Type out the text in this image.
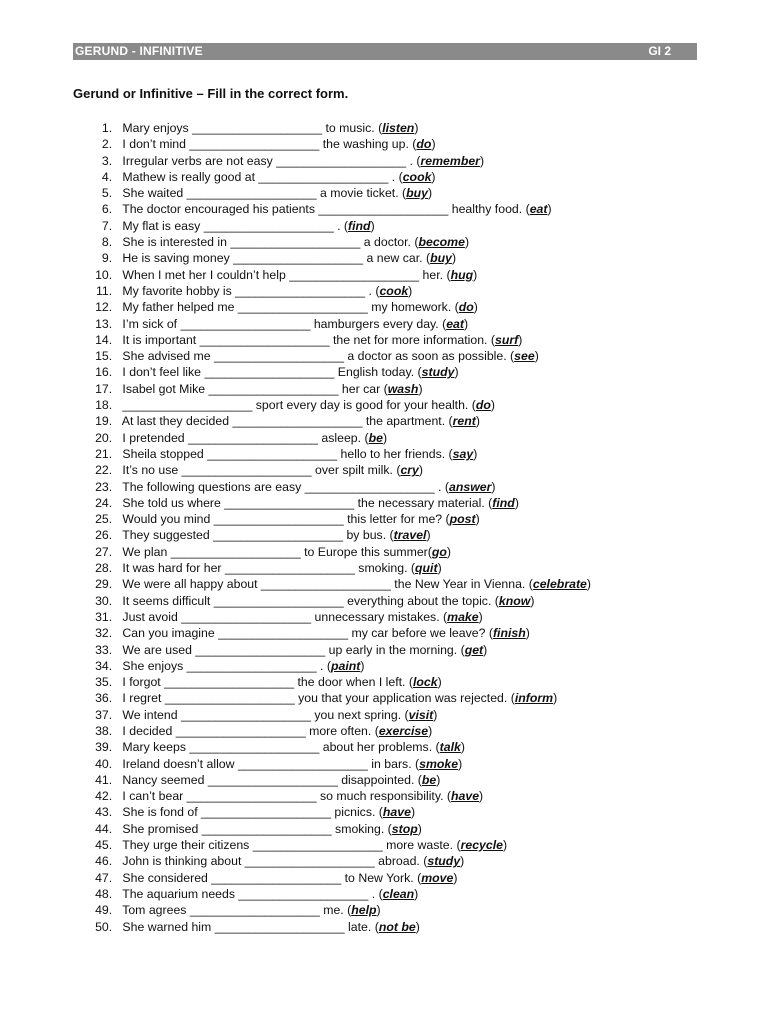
GERUND - INFINITIVE	GI 2
Gerund or Infinitive – Fill in the correct form.
1.   Mary enjoys ___________________ to music. (listen)
2.   I don’t mind ___________________ the washing up. (do)
3.   Irregular verbs are not easy ___________________ . (remember)
4.   Mathew is really good at ___________________ . (cook)
5.   She waited ___________________ a movie ticket. (buy)
6.   The doctor encouraged his patients ___________________ healthy food. (eat)
7.   My flat is easy ___________________ . (find)
8.   She is interested in ___________________ a doctor. (become)
9.   He is saving money ___________________ a new car. (buy)
10.   When I met her I couldn’t help ___________________ her. (hug)
11.   My favorite hobby is ___________________ . (cook)
12.   My father helped me ___________________ my homework. (do)
13.   I’m sick of ___________________ hamburgers every day. (eat)
14.   It is important ___________________ the net for more information. (surf)
15.   She advised me ___________________ a doctor as soon as possible. (see)
16.   I don’t feel like ___________________ English today. (study)
17.   Isabel got Mike ___________________ her car (wash)
18.   ___________________ sport every day is good for your health. (do)
19.   At last they decided ___________________ the apartment. (rent)
20.   I pretended ___________________ asleep. (be)
21.   Sheila stopped ___________________ hello to her friends. (say)
22.   It’s no use ___________________ over spilt milk. (cry)
23.   The following questions are easy ___________________ . (answer)
24.   She told us where ___________________ the necessary material. (find)
25.   Would you mind ___________________ this letter for me? (post)
26.   They suggested ___________________ by bus. (travel)
27.   We plan ___________________ to Europe this summer(go)
28.   It was hard for her ___________________ smoking. (quit)
29.   We were all happy about ___________________ the New Year in Vienna. (celebrate)
30.   It seems difficult ___________________ everything about the topic. (know)
31.   Just avoid ___________________ unnecessary mistakes. (make)
32.   Can you imagine ___________________ my car before we leave? (finish)
33.   We are used ___________________ up early in the morning. (get)
34.   She enjoys ___________________ . (paint)
35.   I forgot ___________________ the door when I left. (lock)
36.   I regret ___________________ you that your application was rejected. (inform)
37.   We intend ___________________ you next spring. (visit)
38.   I decided ___________________ more often. (exercise)
39.   Mary keeps ___________________ about her problems. (talk)
40.   Ireland doesn’t allow ___________________ in bars. (smoke)
41.   Nancy seemed ___________________ disappointed. (be)
42.   I can’t bear ___________________ so much responsibility. (have)
43.   She is fond of ___________________ picnics. (have)
44.   She promised ___________________ smoking. (stop)
45.   They urge their citizens ___________________ more waste. (recycle)
46.   John is thinking about ___________________ abroad. (study)
47.   She considered ___________________ to New York. (move)
48.   The aquarium needs ___________________ . (clean)
49.   Tom agrees ___________________ me. (help)
50.   She warned him ___________________ late. (not be)
